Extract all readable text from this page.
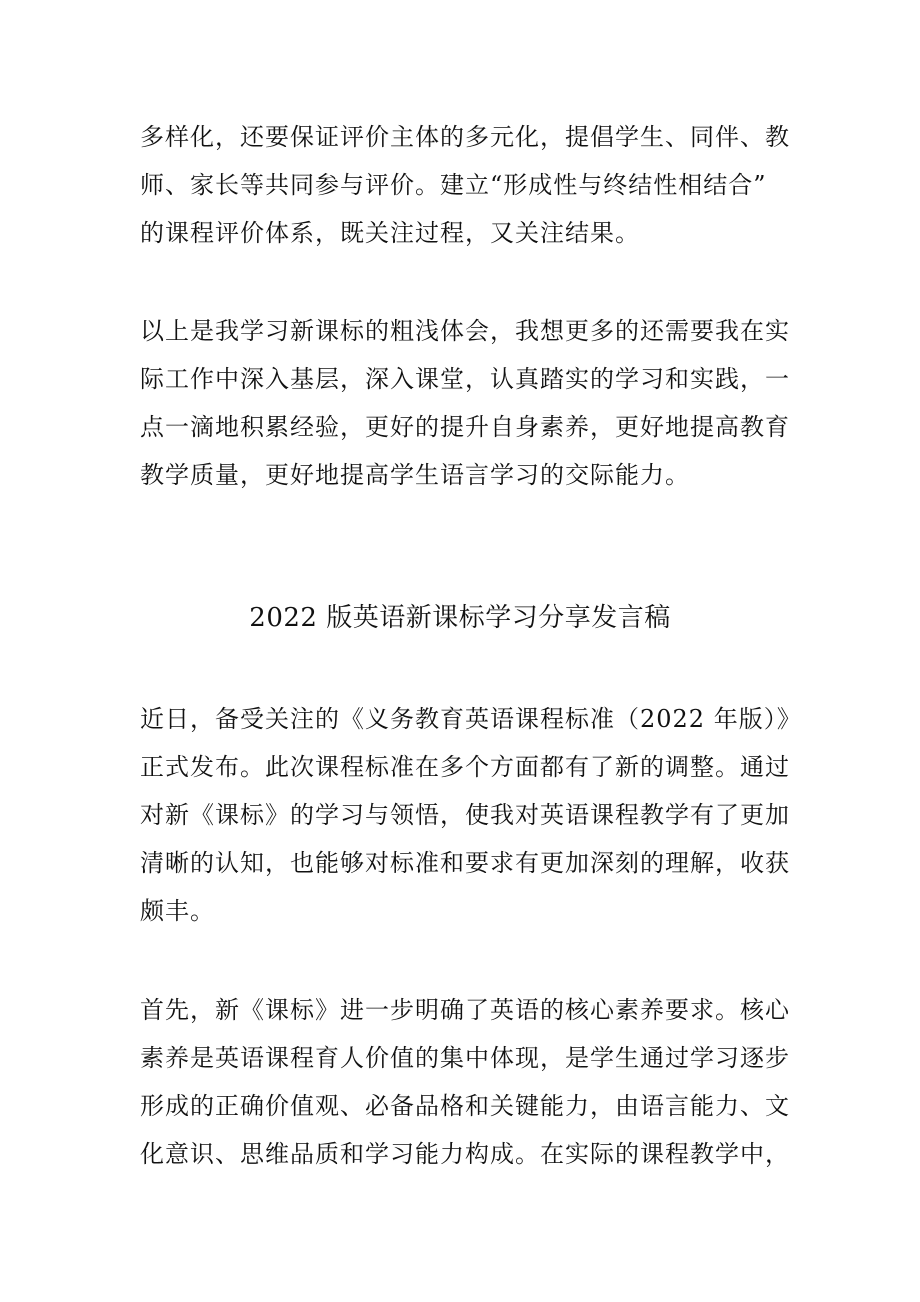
多样化，还要保证评价主体的多元化，提倡学生、同伴、教
师、家长等共同参与评价。建立“形成性与终结性相结合”
的课程评价体系，既关注过程，又关注结果。

以上是我学习新课标的粗浅体会，我想更多的还需要我在实
际工作中深入基层，深入课堂，认真踏实的学习和实践，一
点一滴地积累经验，更好的提升自身素养，更好地提高教育
教学质量，更好地提高学生语言学习的交际能力。

2022 版英语新课标学习分享发言稿

近日，备受关注的《义务教育英语课程标准（2022 年版）》
正式发布。此次课程标准在多个方面都有了新的调整。通过
对新《课标》的学习与领悟，使我对英语课程教学有了更加
清晰的认知，也能够对标准和要求有更加深刻的理解，收获
颇丰。

首先，新《课标》进一步明确了英语的核心素养要求。核心
素养是英语课程育人价值的集中体现，是学生通过学习逐步
形成的正确价值观、必备品格和关键能力，由语言能力、文
化意识、思维品质和学习能力构成。在实际的课程教学中，
